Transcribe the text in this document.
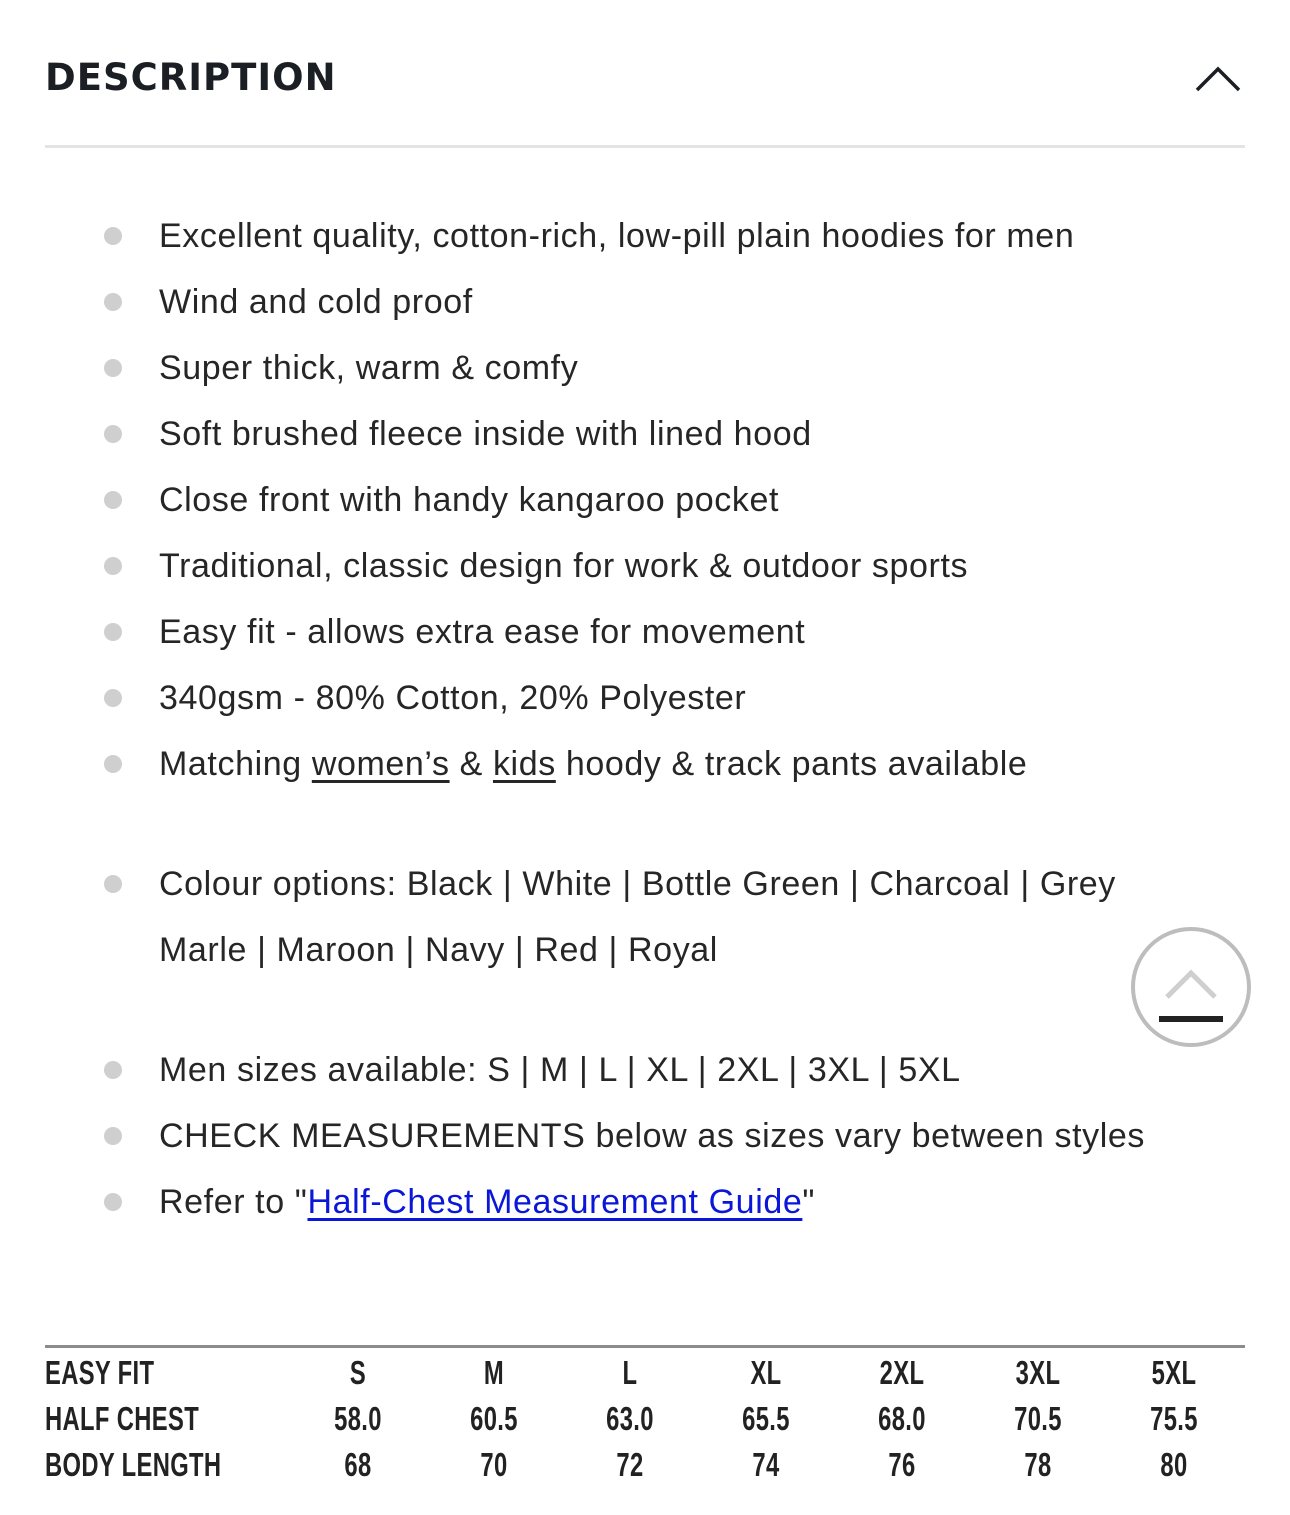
DESCRIPTION
Excellent quality, cotton-rich, low-pill plain hoodies for men
Wind and cold proof
Super thick, warm & comfy
Soft brushed fleece inside with lined hood
Close front with handy kangaroo pocket
Traditional, classic design for work & outdoor sports
Easy fit - allows extra ease for movement
340gsm - 80% Cotton, 20% Polyester
Matching women’s & kids hoody & track pants available
Colour options: Black | White | Bottle Green | Charcoal | Grey
Marle | Maroon | Navy | Red | Royal
Men sizes available: S | M | L | XL | 2XL | 3XL | 5XL
CHECK MEASUREMENTS below as sizes vary between styles
Refer to "Half-Chest Measurement Guide"
EASY FIT	S	M	L	XL	2XL	3XL	5XL
HALF CHEST	58.0	60.5	63.0	65.5	68.0	70.5	75.5
BODY LENGTH	68	70	72	74	76	78	80
